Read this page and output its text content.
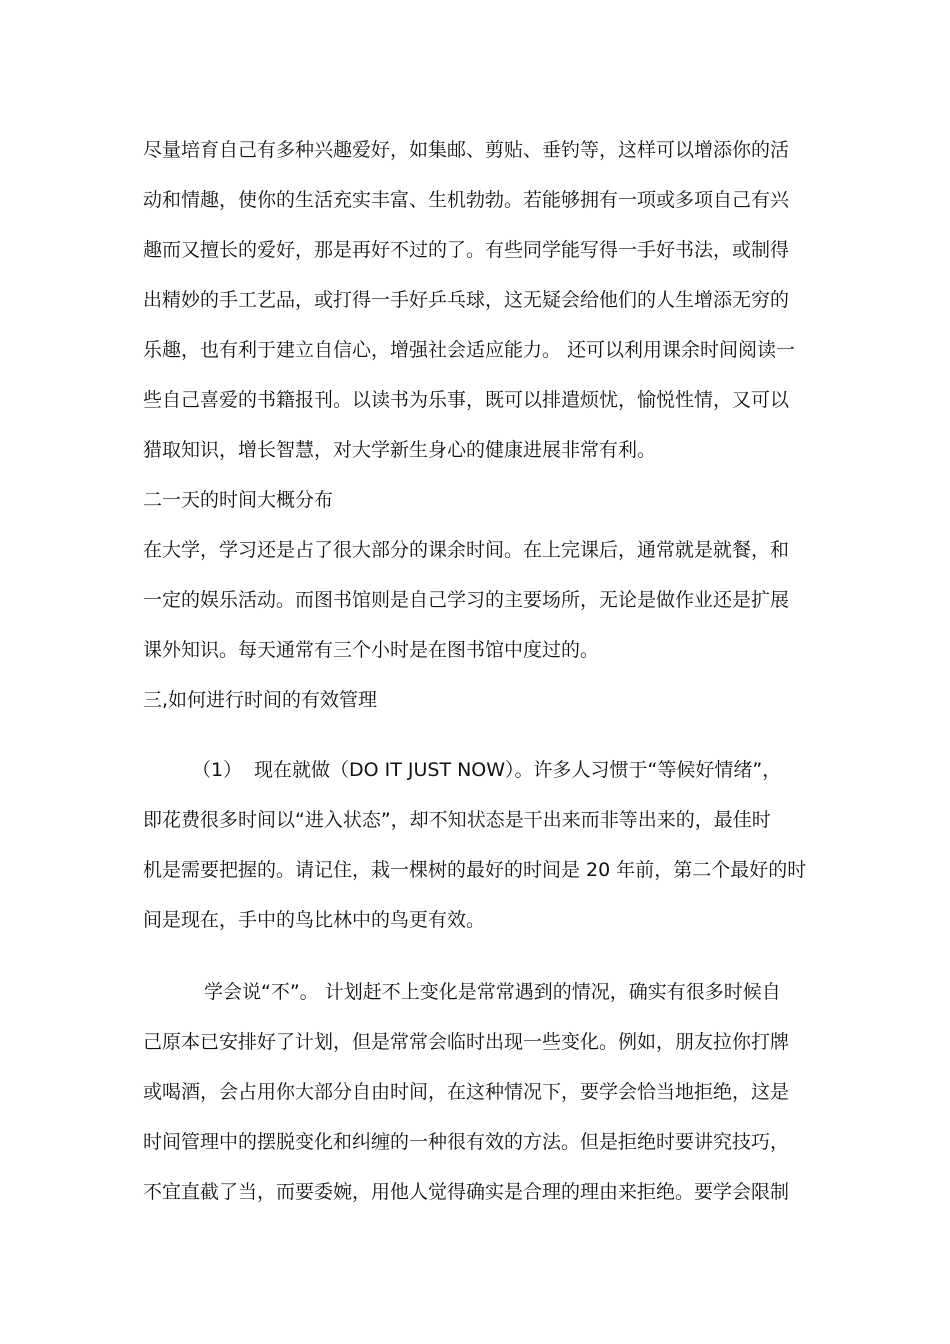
尽量培育自己有多种兴趣爱好，如集邮、剪贴、垂钓等，这样可以增添你的活
动和情趣，使你的生活充实丰富、生机勃勃。若能够拥有一项或多项自己有兴
趣而又擅长的爱好，那是再好不过的了。有些同学能写得一手好书法，或制得
出精妙的手工艺品，或打得一手好乒乓球，这无疑会给他们的人生增添无穷的
乐趣，也有利于建立自信心，增强社会适应能力。 还可以利用课余时间阅读一
些自己喜爱的书籍报刊。以读书为乐事，既可以排遣烦忧，愉悦性情，又可以
猎取知识，增长智慧，对大学新生身心的健康进展非常有利。
二一天的时间大概分布
在大学，学习还是占了很大部分的课余时间。在上完课后，通常就是就餐，和
一定的娱乐活动。而图书馆则是自己学习的主要场所，无论是做作业还是扩展
课外知识。每天通常有三个小时是在图书馆中度过的。
三,如何进行时间的有效管理
（1） 现在就做（DO IT JUST NOW）。许多人习惯于“等候好情绪”，
即花费很多时间以“进入状态”，却不知状态是干出来而非等出来的，最佳时
机是需要把握的。请记住，栽一棵树的最好的时间是 20 年前，第二个最好的时
间是现在，手中的鸟比林中的鸟更有效。
学会说“不”。 计划赶不上变化是常常遇到的情况，确实有很多时候自
己原本已安排好了计划，但是常常会临时出现一些变化。例如，朋友拉你打牌
或喝酒，会占用你大部分自由时间，在这种情况下，要学会恰当地拒绝，这是
时间管理中的摆脱变化和纠缠的一种很有效的方法。但是拒绝时要讲究技巧，
不宜直截了当，而要委婉，用他人觉得确实是合理的理由来拒绝。要学会限制
